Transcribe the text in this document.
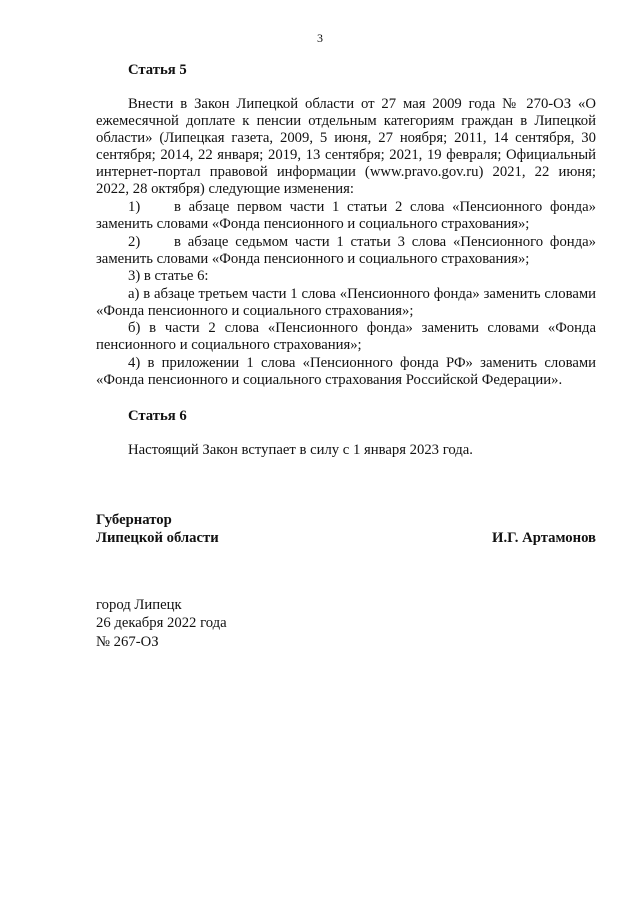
3
Статья 5
Внести в Закон Липецкой области от 27 мая 2009 года № 270-ОЗ «О ежемесячной доплате к пенсии отдельным категориям граждан в Липецкой области» (Липецкая газета, 2009, 5 июня, 27 ноября; 2011, 14 сентября, 30 сентября; 2014, 22 января; 2019, 13 сентября; 2021, 19 февраля; Официальный интернет-портал правовой информации (www.pravo.gov.ru) 2021, 22 июня; 2022, 28 октября) следующие изменения:
1) в абзаце первом части 1 статьи 2 слова «Пенсионного фонда» заменить словами «Фонда пенсионного и социального страхования»;
2) в абзаце седьмом части 1 статьи 3 слова «Пенсионного фонда» заменить словами «Фонда пенсионного и социального страхования»;
3) в статье 6:
а) в абзаце третьем части 1 слова «Пенсионного фонда» заменить словами «Фонда пенсионного и социального страхования»;
б) в части 2 слова «Пенсионного фонда» заменить словами «Фонда пенсионного и социального страхования»;
4) в приложении 1 слова «Пенсионного фонда РФ» заменить словами «Фонда пенсионного и социального страхования Российской Федерации».
Статья 6
Настоящий Закон вступает в силу с 1 января 2023 года.
Губернатор
Липецкой области	И.Г. Артамонов
город Липецк
26 декабря 2022 года
№ 267-ОЗ
